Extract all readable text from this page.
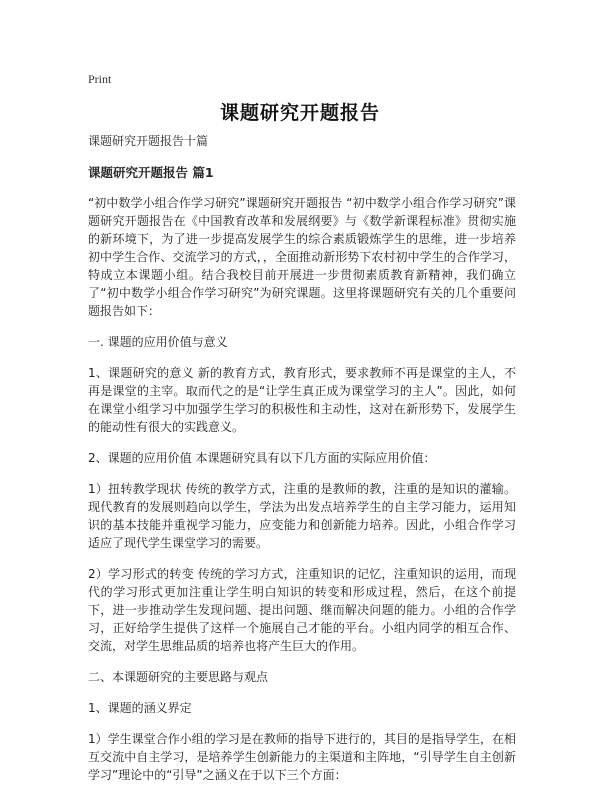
Print
课题研究开题报告

课题研究开题报告十篇

课题研究开题报告 篇1

“初中数学小组合作学习研究”课题研究开题报告 “初中数学小组合作学习研究”课题研究开题报告在《中国教育改革和发展纲要》与《数学新课程标准》贯彻实施的新环境下，为了进一步提高发展学生的综合素质锻炼学生的思维，进一步培养初中学生合作、交流学习的方式，，全面推动新形势下农村初中学生的合作学习，特成立本课题小组。结合我校目前开展进一步贯彻素质教育新精神，我们确立了“初中数学小组合作学习研究”为研究课题。这里将课题研究有关的几个重要问题报告如下：

一. 课题的应用价值与意义

1、课题研究的意义 新的教育方式，教育形式，要求教师不再是课堂的主人，不再是课堂的主宰。取而代之的是“让学生真正成为课堂学习的主人”。因此，如何在课堂小组学习中加强学生学习的积极性和主动性，这对在新形势下，发展学生的能动性有很大的实践意义。

2、课题的应用价值 本课题研究具有以下几方面的实际应用价值：

1）扭转教学现状 传统的教学方式，注重的是教师的教，注重的是知识的灌输。现代教育的发展则趋向以学生，学法为出发点培养学生的自主学习能力，运用知识的基本技能并重视学习能力，应变能力和创新能力培养。因此，小组合作学习适应了现代学生课堂学习的需要。

2）学习形式的转变 传统的学习方式，注重知识的记忆，注重知识的运用，而现代的学习形式更加注重让学生明白知识的转变和形成过程，然后，在这个前提下，进一步推动学生发现问题、提出问题、继而解决问题的能力。小组的合作学习，正好给学生提供了这样一个施展自己才能的平台。小组内同学的相互合作、交流，对学生思维品质的培养也将产生巨大的作用。

二、本课题研究的主要思路与观点

1、课题的涵义界定

1）学生课堂合作小组的学习是在教师的指导下进行的，其目的是指导学生，在相互交流中自主学习，是培养学生创新能力的主渠道和主阵地，“引导学生自主创新学习”理论中的“引导”之涵义在于以下三个方面：
